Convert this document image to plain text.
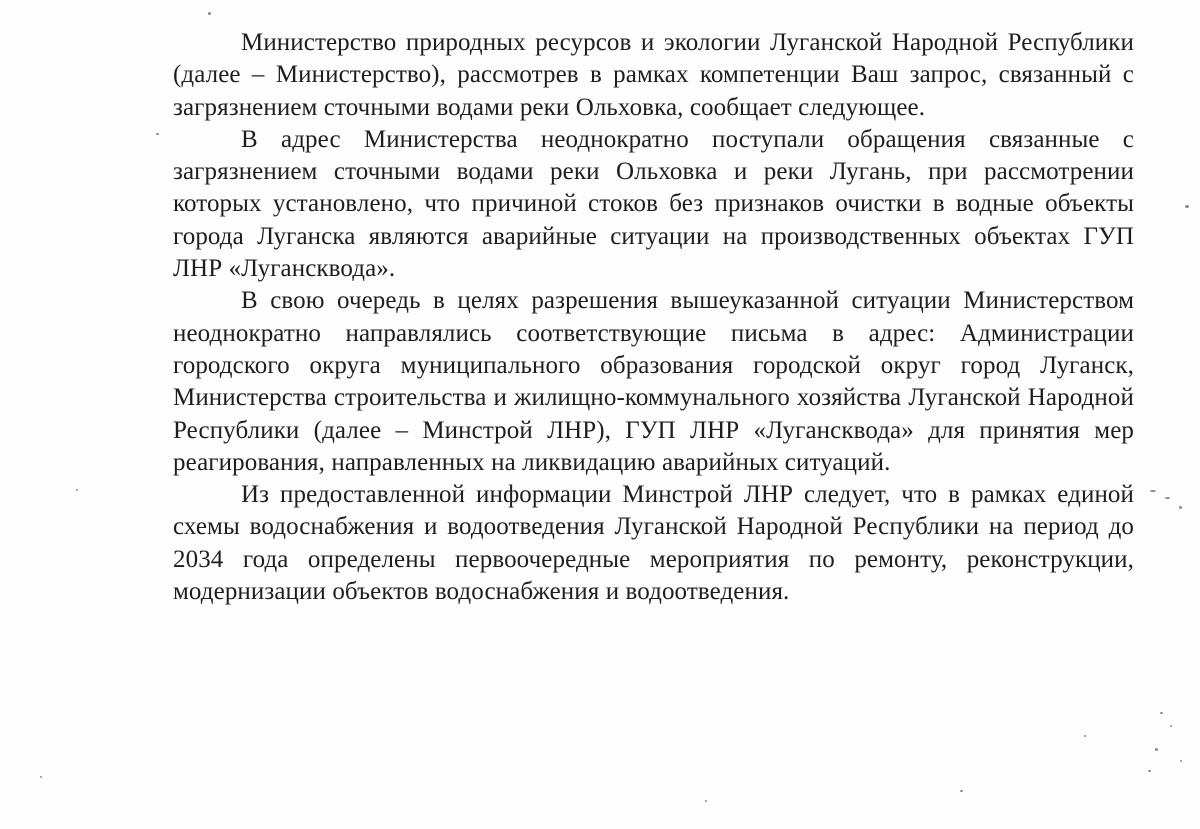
Министерство природных ресурсов и экологии Луганской Народной Республики (далее – Министерство), рассмотрев в рамках компетенции Ваш запрос, связанный с загрязнением сточными водами реки Ольховка, сообщает следующее.

В адрес Министерства неоднократно поступали обращения связанные с загрязнением сточными водами реки Ольховка и реки Лугань, при рассмотрении которых установлено, что причиной стоков без признаков очистки в водные объекты города Луганска являются аварийные ситуации на производственных объектах ГУП ЛНР «Луганскводa».

В свою очередь в целях разрешения вышеуказанной ситуации Министерством неоднократно направлялись соответствующие письма в адрес: Администрации городского округа муниципального образования городской округ город Луганск, Министерства строительства и жилищно-коммунального хозяйства Луганской Народной Республики (далее – Минстрой ЛНР), ГУП ЛНР «Луганскводa» для принятия мер реагирования, направленных на ликвидацию аварийных ситуаций.

Из предоставленной информации Минстрой ЛНР следует, что в рамках единой схемы водоснабжения и водоотведения Луганской Народной Республики на период до 2034 года определены первоочередные мероприятия по ремонту, реконструкции, модернизации объектов водоснабжения и водоотведения.
